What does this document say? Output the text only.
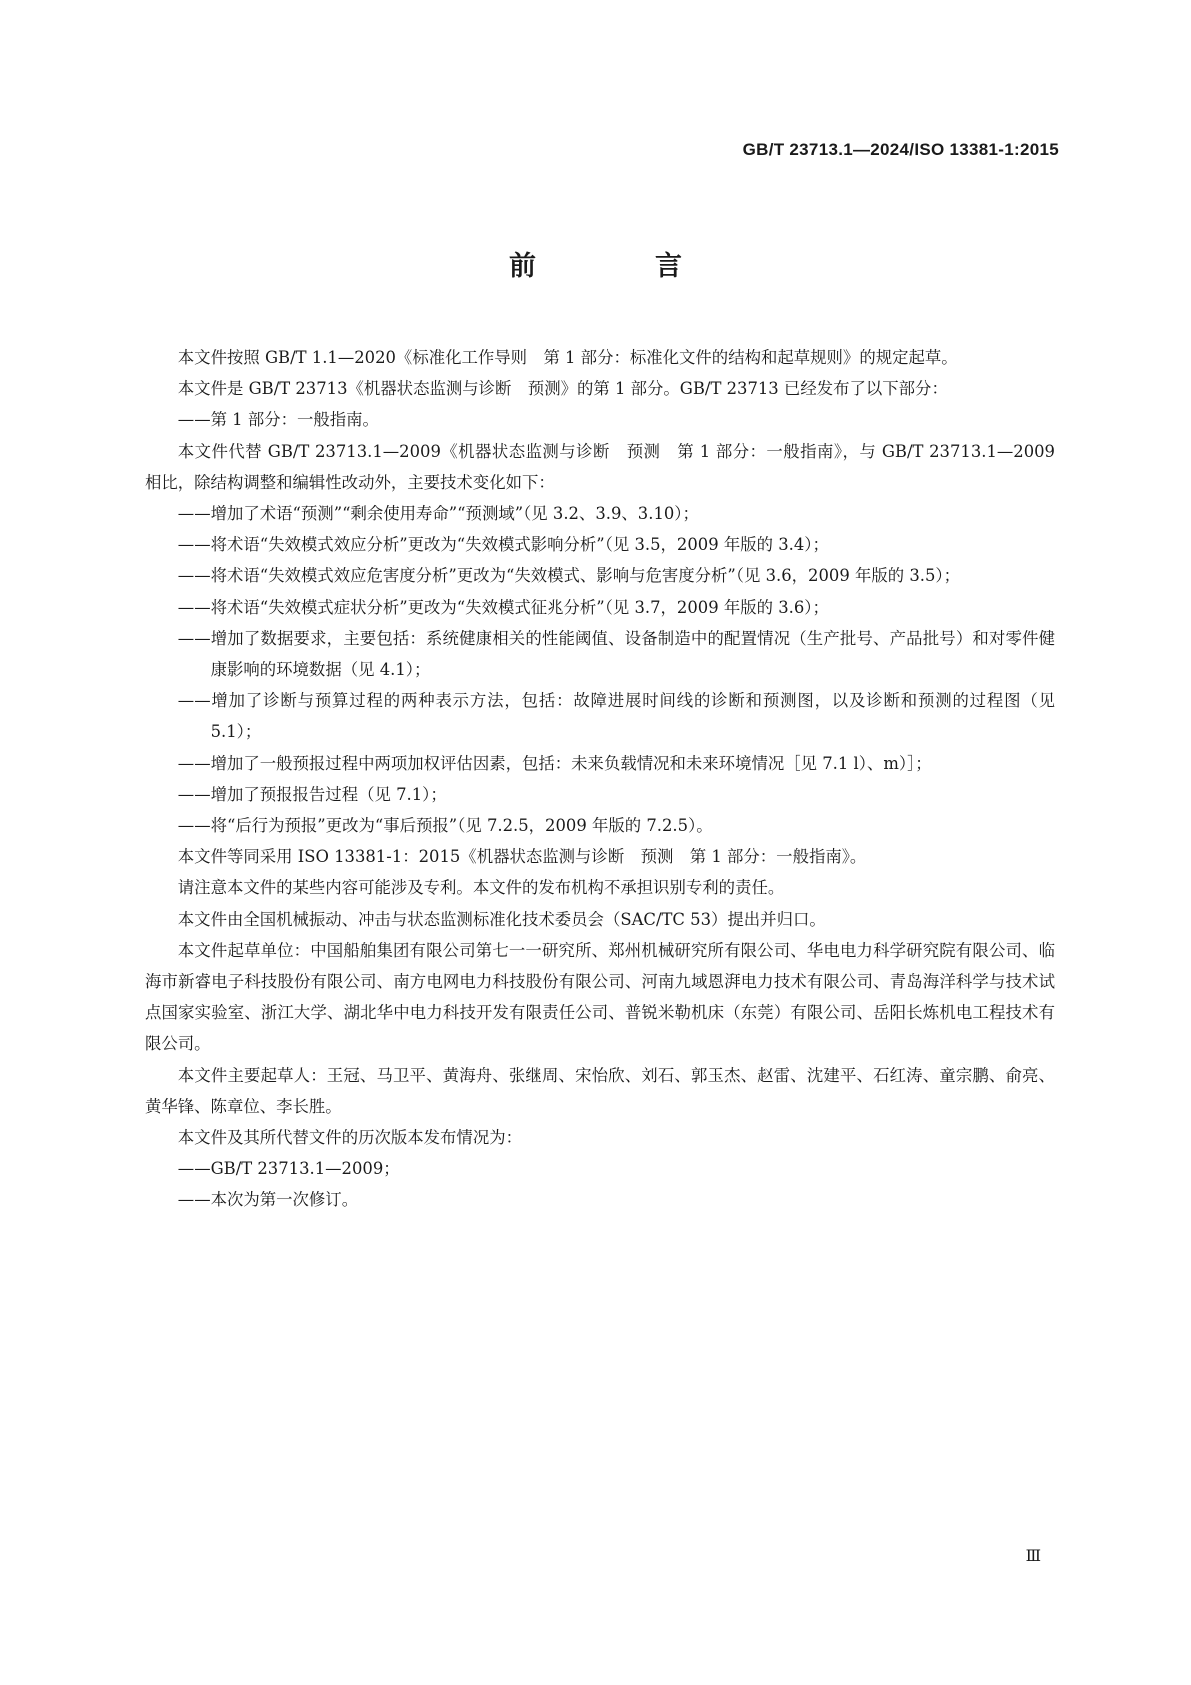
GB/T 23713.1—2024/ISO 13381-1:2015
前　言

本文件按照 GB/T 1.1—2020《标准化工作导则　第 1 部分：标准化文件的结构和起草规则》的规定起草。

本文件是 GB/T 23713《机器状态监测与诊断　预测》的第 1 部分。GB/T 23713 已经发布了以下部分：

——第 1 部分：一般指南。

本文件代替 GB/T 23713.1—2009《机器状态监测与诊断　预测　第 1 部分：一般指南》，与 GB/T 23713.1—2009 相比，除结构调整和编辑性改动外，主要技术变化如下：

——增加了术语“预测”“剩余使用寿命”“预测域”（见 3.2、3.9、3.10）；

——将术语“失效模式效应分析”更改为“失效模式影响分析”（见 3.5，2009 年版的 3.4）；

——将术语“失效模式效应危害度分析”更改为“失效模式、影响与危害度分析”（见 3.6，2009 年版的 3.5）；

——将术语“失效模式症状分析”更改为“失效模式征兆分析”（见 3.7，2009 年版的 3.6）；

——增加了数据要求，主要包括：系统健康相关的性能阈值、设备制造中的配置情况（生产批号、产品批号）和对零件健康影响的环境数据（见 4.1）；

——增加了诊断与预算过程的两种表示方法，包括：故障进展时间线的诊断和预测图，以及诊断和预测的过程图（见 5.1）；

——增加了一般预报过程中两项加权评估因素，包括：未来负载情况和未来环境情况［见 7.1 l）、m）］；

——增加了预报报告过程（见 7.1）；

——将“后行为预报”更改为“事后预报”（见 7.2.5，2009 年版的 7.2.5）。

本文件等同采用 ISO 13381-1：2015《机器状态监测与诊断　预测　第 1 部分：一般指南》。

请注意本文件的某些内容可能涉及专利。本文件的发布机构不承担识别专利的责任。

本文件由全国机械振动、冲击与状态监测标准化技术委员会（SAC/TC 53）提出并归口。

本文件起草单位：中国船舶集团有限公司第七一一研究所、郑州机械研究所有限公司、华电电力科学研究院有限公司、临海市新睿电子科技股份有限公司、南方电网电力科技股份有限公司、河南九域恩湃电力技术有限公司、青岛海洋科学与技术试点国家实验室、浙江大学、湖北华中电力科技开发有限责任公司、普锐米勒机床（东莞）有限公司、岳阳长炼机电工程技术有限公司。

本文件主要起草人：王冠、马卫平、黄海舟、张继周、宋怡欣、刘石、郭玉杰、赵雷、沈建平、石红涛、童宗鹏、俞亮、黄华锋、陈章位、李长胜。

本文件及其所代替文件的历次版本发布情况为：

——GB/T 23713.1—2009；

——本次为第一次修订。

Ⅲ
